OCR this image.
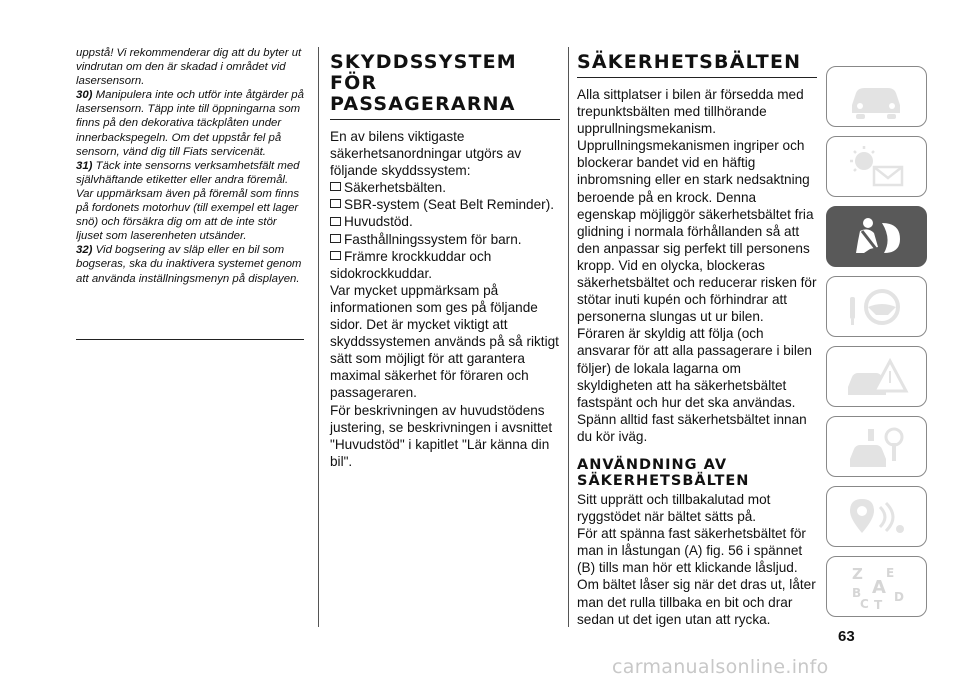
uppstå! Vi rekommenderar dig att du byter ut vindrutan om den är skadad i området vid lasersensorn.

30) Manipulera inte och utför inte åtgärder på lasersensorn. Täpp inte till öppningarna som finns på den dekorativa täckplåten under innerbackspegeln. Om det uppstår fel på sensorn, vänd dig till Fiats servicenät.

31) Täck inte sensorns verksamhetsfält med självhäftande etiketter eller andra föremål. Var uppmärksam även på föremål som finns på fordonets motorhuv (till exempel ett lager snö) och försäkra dig om att de inte stör ljuset som laserenheten utsänder.

32) Vid bogsering av släp eller en bil som bogseras, ska du inaktivera systemet genom att använda inställningsmenyn på displayen.

SKYDDSSYSTEM FÖR PASSAGERARNA

En av bilens viktigaste säkerhetsanordningar utgörs av följande skyddssystem:

Säkerhetsbälten.
SBR-system (Seat Belt Reminder).
Huvudstöd.
Fasthållningssystem för barn.
Främre krockkuddar och

sidokrockkuddar.

Var mycket uppmärksam på informationen som ges på följande sidor. Det är mycket viktigt att skyddssystemen används på så riktigt sätt som möjligt för att garantera maximal säkerhet för föraren och passageraren.

För beskrivningen av huvudstödens justering, se beskrivningen i avsnittet "Huvudstöd" i kapitlet "Lär känna din bil".

SÄKERHETSBÄLTEN

Alla sittplatser i bilen är försedda med trepunktsbälten med tillhörande upprullningsmekanism. Upprullningsmekanismen ingriper och blockerar bandet vid en häftig inbromsning eller en stark nedsaktning beroende på en krock. Denna egenskap möjliggör säkerhetsbältet fria glidning i normala förhållanden så att den anpassar sig perfekt till personens kropp. Vid en olycka, blockeras säkerhetsbältet och reducerar risken för stötar inuti kupén och förhindrar att personerna slungas ut ur bilen.

Föraren är skyldig att följa (och ansvarar för att alla passagerare i bilen följer) de lokala lagarna om skyldigheten att ha säkerhetsbältet fastspänt och hur det ska användas. Spänn alltid fast säkerhetsbältet innan du kör iväg.

ANVÄNDNING AV SÄKERHETSBÄLTEN

Sitt upprätt och tillbakalutad mot ryggstödet när bältet sätts på.

För att spänna fast säkerhetsbältet för man in låstungan (A) fig. 56 i spännet (B) tills man hör ett klickande låsljud.

Om bältet låser sig när det dras ut, låter man det rulla tillbaka en bit och drar sedan ut det igen utan att rycka.

Z E
A
B
C D
T
63
carmanualsonline.info
